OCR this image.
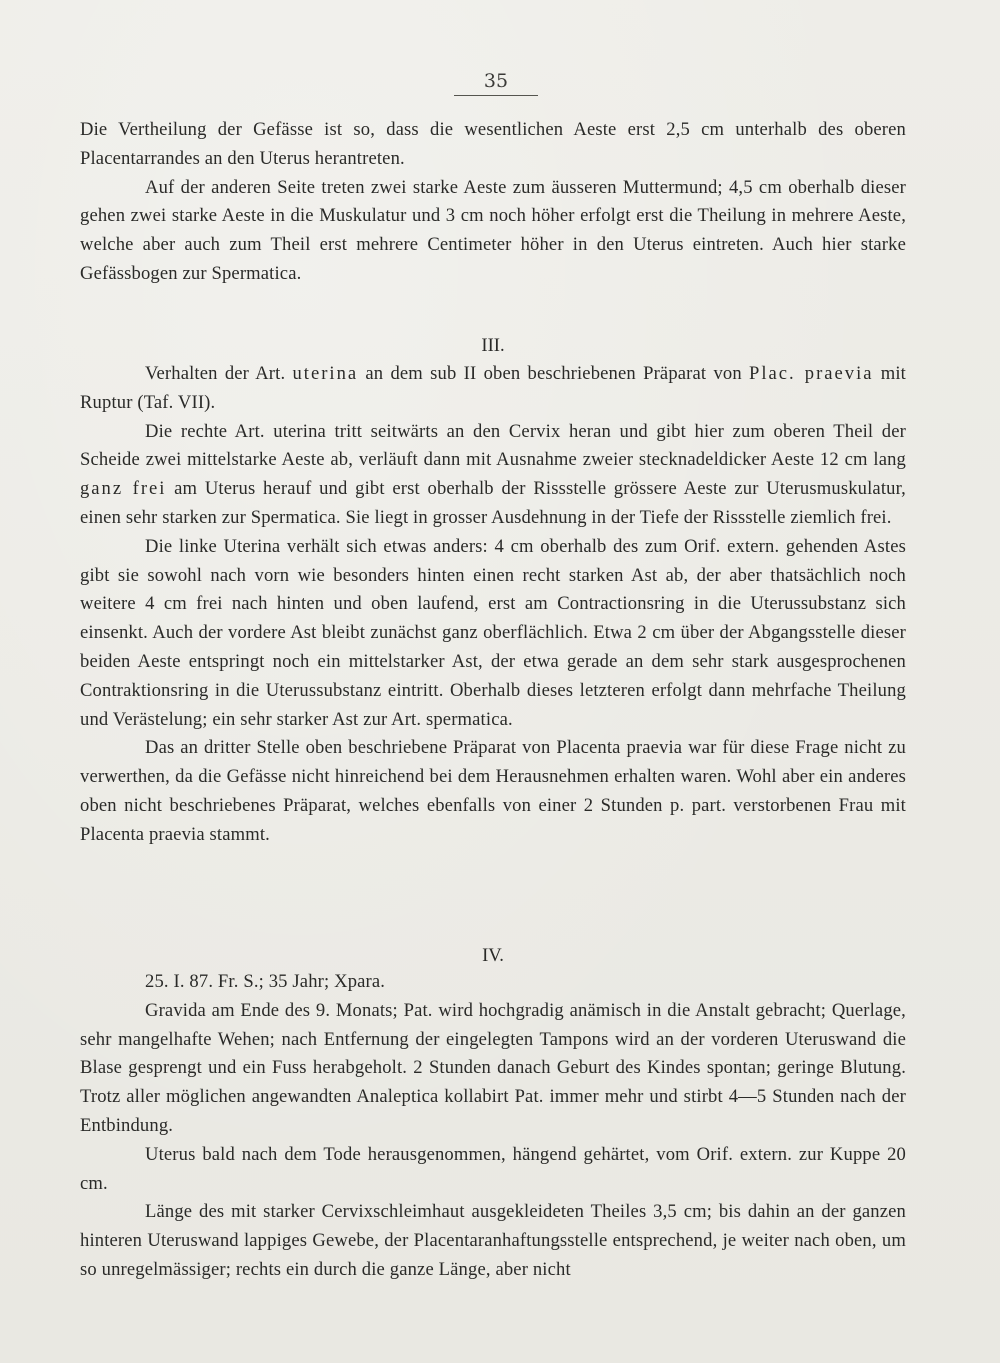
35

Die Vertheilung der Gefässe ist so, dass die wesentlichen Aeste erst 2,5 cm unterhalb des oberen Placentarrandes an den Uterus herantreten.

Auf der anderen Seite treten zwei starke Aeste zum äusseren Muttermund; 4,5 cm oberhalb dieser gehen zwei starke Aeste in die Muskulatur und 3 cm noch höher erfolgt erst die Theilung in mehrere Aeste, welche aber auch zum Theil erst mehrere Centimeter höher in den Uterus eintreten. Auch hier starke Gefässbogen zur Spermatica.

III.

Verhalten der Art. uterina an dem sub II oben beschriebenen Präparat von Plac. praevia mit Ruptur (Taf. VII).

Die rechte Art. uterina tritt seitwärts an den Cervix heran und gibt hier zum oberen Theil der Scheide zwei mittelstarke Aeste ab, verläuft dann mit Ausnahme zweier stecknadeldicker Aeste 12 cm lang ganz frei am Uterus herauf und gibt erst oberhalb der Rissstelle grössere Aeste zur Uterusmuskulatur, einen sehr starken zur Spermatica. Sie liegt in grosser Ausdehnung in der Tiefe der Rissstelle ziemlich frei.

Die linke Uterina verhält sich etwas anders: 4 cm oberhalb des zum Orif. extern. gehenden Astes gibt sie sowohl nach vorn wie besonders hinten einen recht starken Ast ab, der aber thatsächlich noch weitere 4 cm frei nach hinten und oben laufend, erst am Contractionsring in die Uterussubstanz sich einsenkt. Auch der vordere Ast bleibt zunächst ganz oberflächlich. Etwa 2 cm über der Abgangsstelle dieser beiden Aeste entspringt noch ein mittelstarker Ast, der etwa gerade an dem sehr stark ausgesprochenen Contraktionsring in die Uterussubstanz eintritt. Oberhalb dieses letzteren erfolgt dann mehrfache Theilung und Verästelung; ein sehr starker Ast zur Art. spermatica.

Das an dritter Stelle oben beschriebene Präparat von Placenta praevia war für diese Frage nicht zu verwerthen, da die Gefässe nicht hinreichend bei dem Herausnehmen erhalten waren. Wohl aber ein anderes oben nicht beschriebenes Präparat, welches ebenfalls von einer 2 Stunden p. part. verstorbenen Frau mit Placenta praevia stammt.

IV.

25. I. 87. Fr. S.; 35 Jahr; Xpara.

Gravida am Ende des 9. Monats; Pat. wird hochgradig anämisch in die Anstalt gebracht; Querlage, sehr mangelhafte Wehen; nach Entfernung der eingelegten Tampons wird an der vorderen Uteruswand die Blase gesprengt und ein Fuss herabgeholt. 2 Stunden danach Geburt des Kindes spontan; geringe Blutung. Trotz aller möglichen angewandten Analeptica kollabirt Pat. immer mehr und stirbt 4—5 Stunden nach der Entbindung.

Uterus bald nach dem Tode herausgenommen, hängend gehärtet, vom Orif. extern. zur Kuppe 20 cm.

Länge des mit starker Cervixschleimhaut ausgekleideten Theiles 3,5 cm; bis dahin an der ganzen hinteren Uteruswand lappiges Gewebe, der Placentaranhaftungsstelle entsprechend, je weiter nach oben, um so unregelmässiger; rechts ein durch die ganze Länge, aber nicht
